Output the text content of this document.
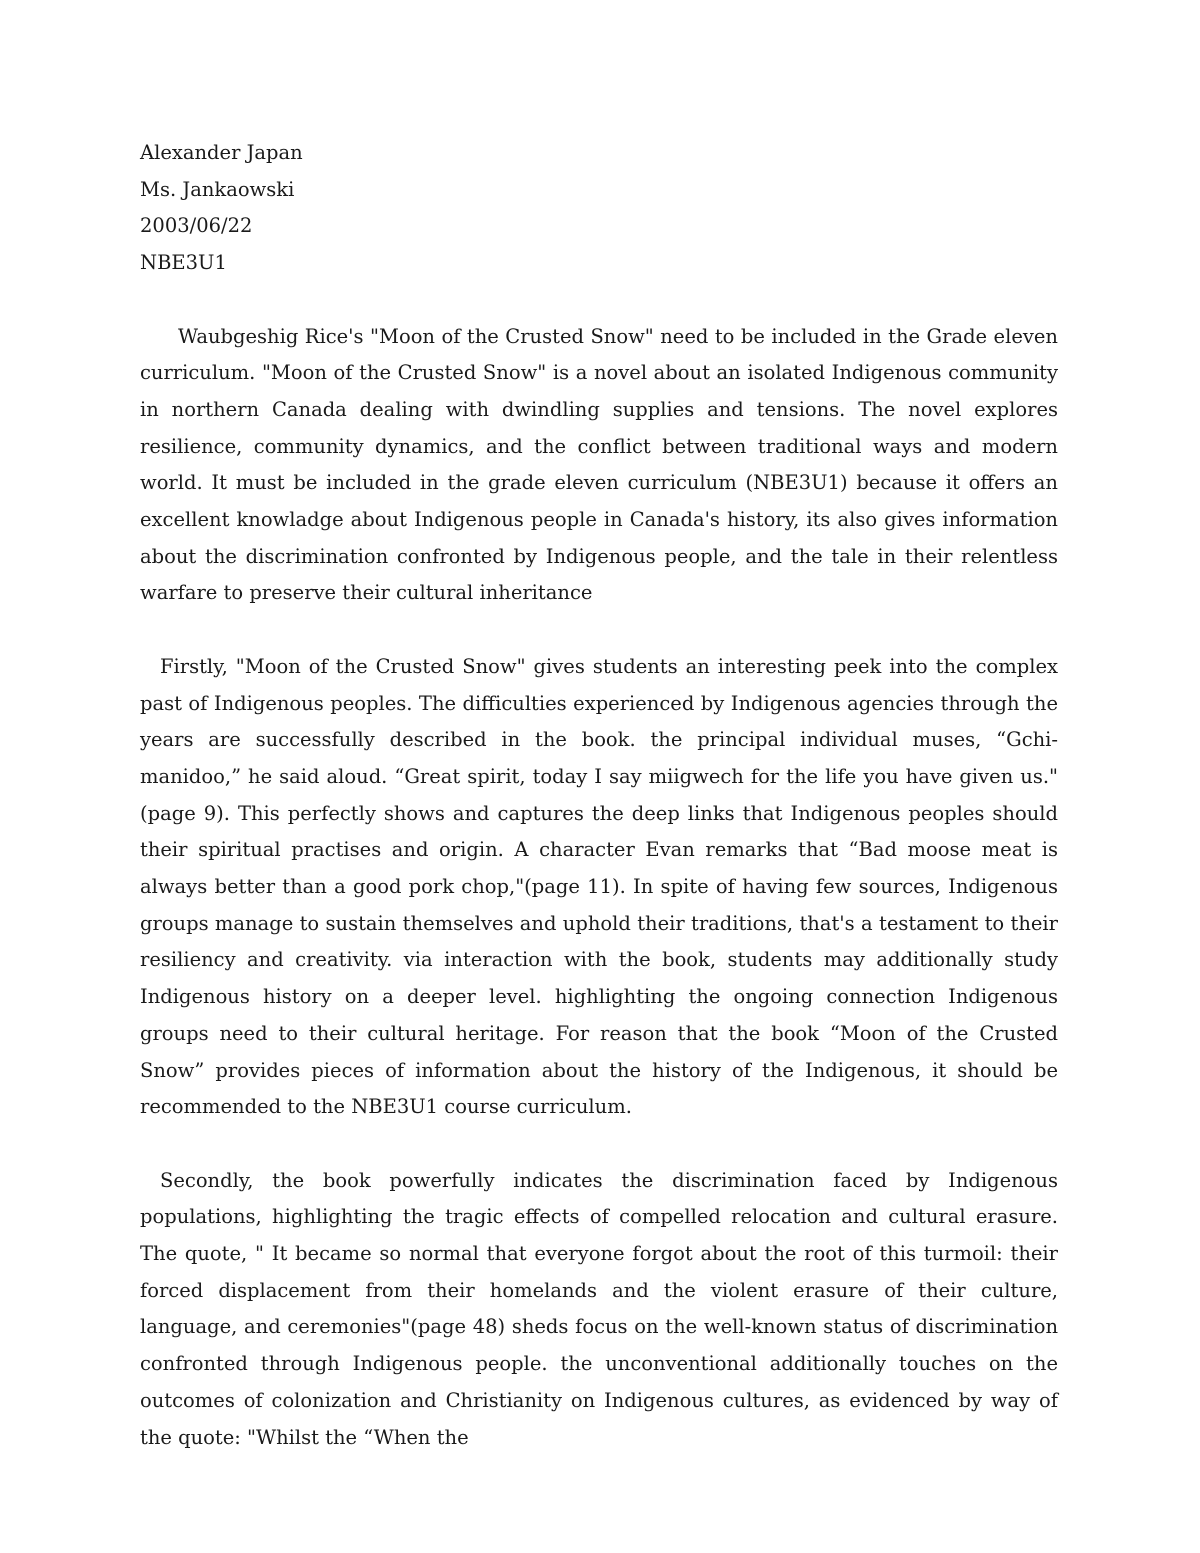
Alexander Japan

Ms. Jankaowski

2003/06/22

NBE3U1

Waubgeshig Rice's "Moon of the Crusted Snow" need to be included in the Grade eleven curriculum. "Moon of the Crusted Snow" is a novel about an isolated Indigenous community in northern Canada dealing with dwindling supplies and tensions. The novel explores resilience, community dynamics, and the conflict between traditional ways and modern world. It must be included in the grade eleven curriculum (NBE3U1) because it offers an excellent knowladge about Indigenous people in Canada's history, its also gives information about the discrimination confronted by Indigenous people, and the tale in their relentless warfare to preserve their cultural inheritance

Firstly, "Moon of the Crusted Snow" gives students an interesting peek into the complex past of Indigenous peoples. The difficulties experienced by Indigenous agencies through the years are successfully described in the book. the principal individual muses, “Gchi-manidoo,” he said aloud. “Great spirit, today I say miigwech for the life you have given us."(page 9). This perfectly shows and captures the deep links that Indigenous peoples should their spiritual practises and origin. A character Evan remarks that “Bad moose meat is always better than a good pork chop,"(page 11). In spite of having few sources, Indigenous groups manage to sustain themselves and uphold their traditions, that's a testament to their resiliency and creativity. via interaction with the book, students may additionally study Indigenous history on a deeper level. highlighting the ongoing connection Indigenous groups need to their cultural heritage. For reason that the book “Moon of the Crusted Snow” provides pieces of information about the history of the Indigenous, it should be recommended to the NBE3U1 course curriculum.

Secondly, the book powerfully indicates the discrimination faced by Indigenous populations, highlighting the tragic effects of compelled relocation and cultural erasure. The quote, " It became so normal that everyone forgot about the root of this turmoil: their forced displacement from their homelands and the violent erasure of their culture, language, and ceremonies"(page 48) sheds focus on the well-known status of discrimination confronted through Indigenous people. the unconventional additionally touches on the outcomes of colonization and Christianity on Indigenous cultures, as evidenced by way of the quote: "Whilst the “When the
